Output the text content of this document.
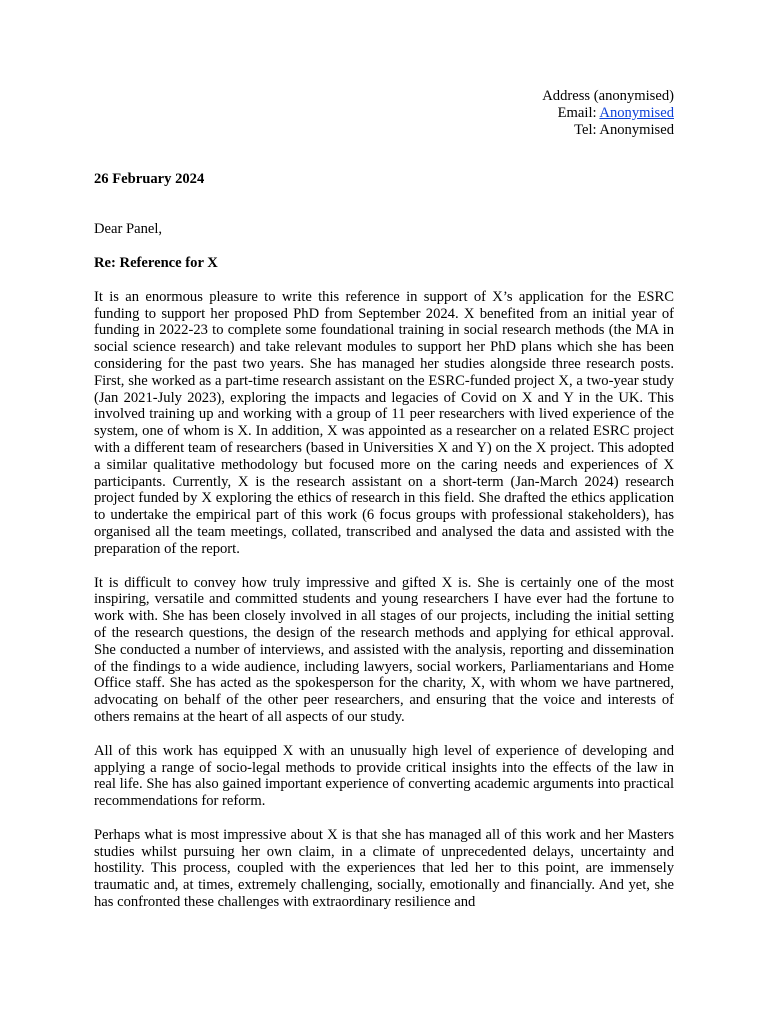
Address (anonymised)
Email: Anonymised
Tel: Anonymised
26 February 2024
Dear Panel,
Re: Reference for X

It is an enormous pleasure to write this reference in support of X’s application for the ESRC funding to support her proposed PhD from September 2024. X benefited from an initial year of funding in 2022-23 to complete some foundational training in social research methods (the MA in social science research) and take relevant modules to support her PhD plans which she has been considering for the past two years. She has managed her studies alongside three research posts. First, she worked as a part-time research assistant on the ESRC-funded project X, a two-year study (Jan 2021-July 2023), exploring the impacts and legacies of Covid on X and Y in the UK. This involved training up and working with a group of 11 peer researchers with lived experience of the system, one of whom is X. In addition, X was appointed as a researcher on a related ESRC project with a different team of researchers (based in Universities X and Y) on the X project. This adopted a similar qualitative methodology but focused more on the caring needs and experiences of X participants. Currently, X is the research assistant on a short-term (Jan-March 2024) research project funded by X exploring the ethics of research in this field. She drafted the ethics application to undertake the empirical part of this work (6 focus groups with professional stakeholders), has organised all the team meetings, collated, transcribed and analysed the data and assisted with the preparation of the report.

It is difficult to convey how truly impressive and gifted X is. She is certainly one of the most inspiring, versatile and committed students and young researchers I have ever had the fortune to work with. She has been closely involved in all stages of our projects, including the initial setting of the research questions, the design of the research methods and applying for ethical approval. She conducted a number of interviews, and assisted with the analysis, reporting and dissemination of the findings to a wide audience, including lawyers, social workers, Parliamentarians and Home Office staff. She has acted as the spokesperson for the charity, X, with whom we have partnered, advocating on behalf of the other peer researchers, and ensuring that the voice and interests of others remains at the heart of all aspects of our study.

All of this work has equipped X with an unusually high level of experience of developing and applying a range of socio-legal methods to provide critical insights into the effects of the law in real life. She has also gained important experience of converting academic arguments into practical recommendations for reform.

Perhaps what is most impressive about X is that she has managed all of this work and her Masters studies whilst pursuing her own claim, in a climate of unprecedented delays, uncertainty and hostility. This process, coupled with the experiences that led her to this point, are immensely traumatic and, at times, extremely challenging, socially, emotionally and financially. And yet, she has confronted these challenges with extraordinary resilience and
